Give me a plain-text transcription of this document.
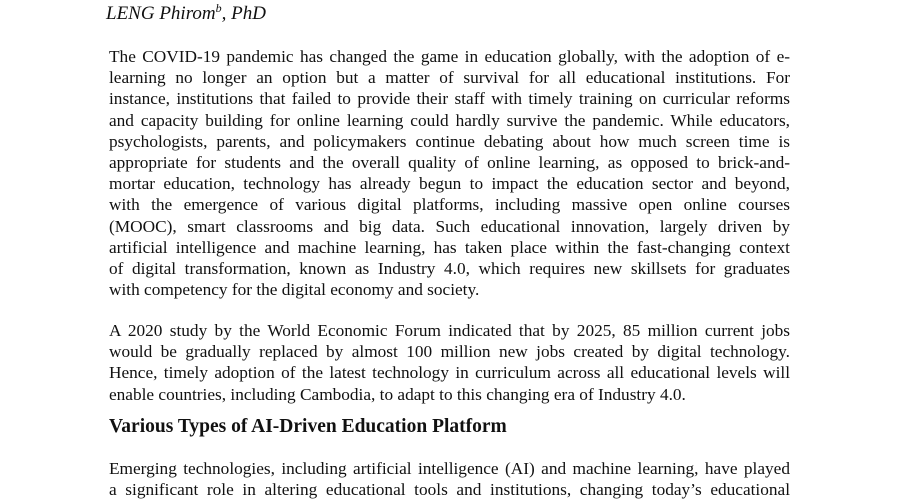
LENG Phirom$^b$, PhD
The COVID-19 pandemic has changed the game in education globally, with the adoption of e-
learning no longer an option but a matter of survival for all educational institutions. For
instance, institutions that failed to provide their staff with timely training on curricular reforms
and capacity building for online learning could hardly survive the pandemic. While educators,
psychologists, parents, and policymakers continue debating about how much screen time is
appropriate for students and the overall quality of online learning, as opposed to brick-and-
mortar education, technology has already begun to impact the education sector and beyond,
with the emergence of various digital platforms, including massive open online courses
(MOOC), smart classrooms and big data. Such educational innovation, largely driven by
artificial intelligence and machine learning, has taken place within the fast-changing context
of digital transformation, known as Industry 4.0, which requires new skillsets for graduates
with competency for the digital economy and society.
A 2020 study by the World Economic Forum indicated that by 2025, 85 million current jobs
would be gradually replaced by almost 100 million new jobs created by digital technology.
Hence, timely adoption of the latest technology in curriculum across all educational levels will
enable countries, including Cambodia, to adapt to this changing era of Industry 4.0.
Various Types of AI-Driven Education Platform
Emerging technologies, including artificial intelligence (AI) and machine learning, have played
a significant role in altering educational tools and institutions, changing today’s educational
